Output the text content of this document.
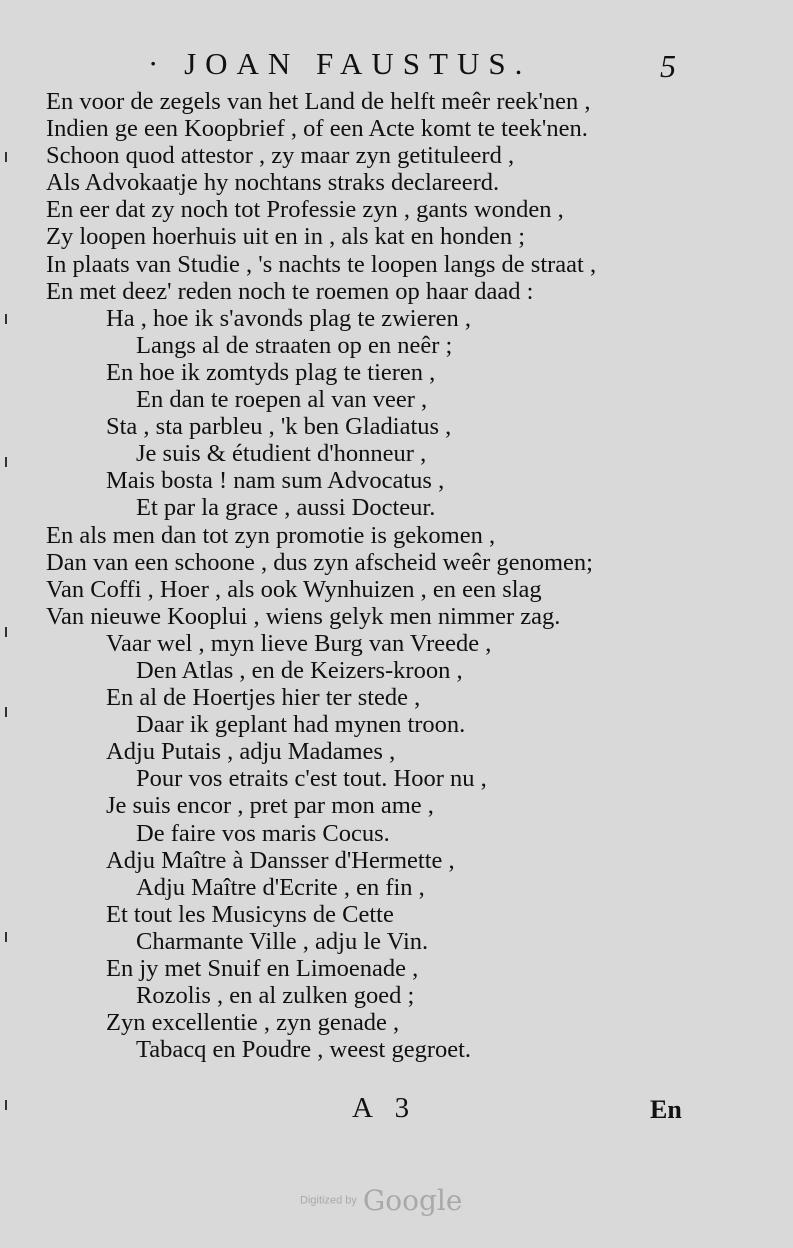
· JOAN FAUSTUS.	5
En voor de zegels van het Land de helft meêr reek'nen ,
Indien ge een Koopbrief , of een Acte komt te teek'nen.
Schoon quod attestor , zy maar zyn getituleerd ,
Als Advokaatje hy nochtans straks declareerd.
En eer dat zy noch tot Professie zyn , gants wonden ,
Zy loopen hoerhuis uit en in , als kat en honden ;
In plaats van Studie , 's nachts te loopen langs de straat ,
En met deez' reden noch te roemen op haar daad :
Ha , hoe ik s'avonds plag te zwieren ,
Langs al de straaten op en neêr ;
En hoe ik zomtyds plag te tieren ,
En dan te roepen al van veer ,
Sta , sta parbleu , 'k ben Gladiatus ,
Je suis & étudient d'honneur ,
Mais bosta ! nam sum Advocatus ,
Et par la grace , aussi Docteur.
En als men dan tot zyn promotie is gekomen ,
Dan van een schoone , dus zyn afscheid weêr genomen;
Van Coffi , Hoer , als ook Wynhuizen , en een slag
Van nieuwe Kooplui , wiens gelyk men nimmer zag.
Vaar wel , myn lieve Burg van Vreede ,
Den Atlas , en de Keizers-kroon ,
En al de Hoertjes hier ter stede ,
Daar ik geplant had mynen troon.
Adju Putais , adju Madames ,
Pour vos etraits c'est tout. Hoor nu ,
Je suis encor , pret par mon ame ,
De faire vos maris Cocus.
Adju Maître à Dansser d'Hermette ,
Adju Maître d'Ecrite , en fin ,
Et tout les Musicyns de Cette
Charmante Ville , adju le Vin.
En jy met Snuif en Limoenade ,
Rozolis , en al zulken goed ;
Zyn excellentie , zyn genade ,
Tabacq en Poudre , weest gegroet.
A 3	En
Digitized by Google
